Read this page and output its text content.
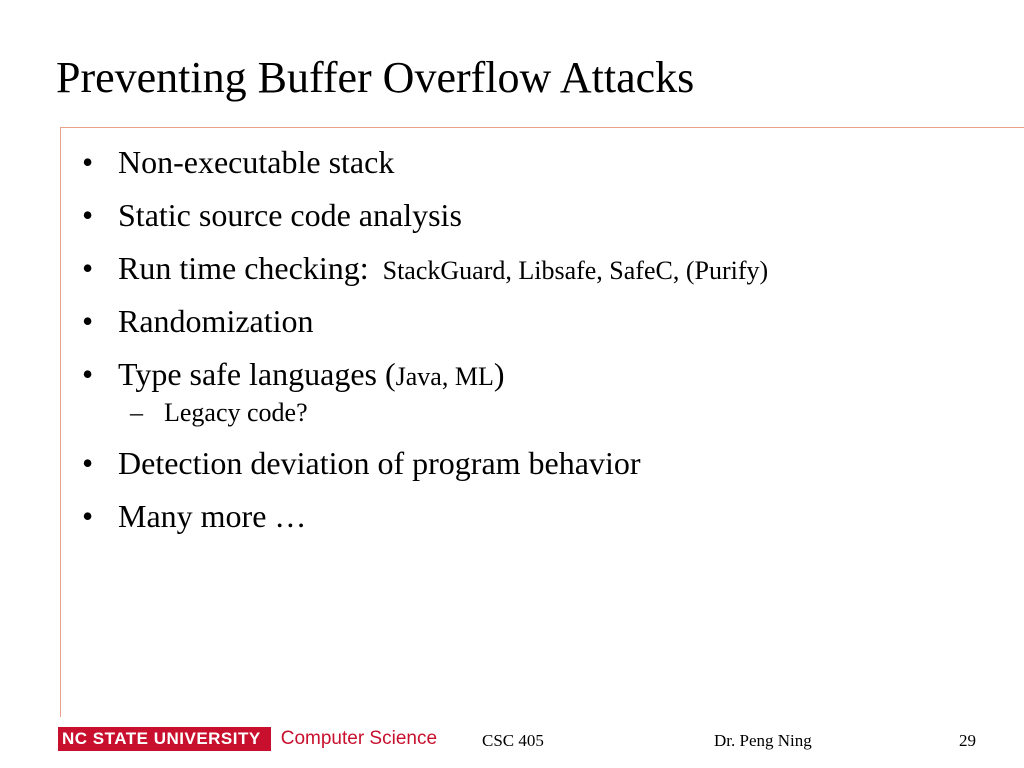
Preventing Buffer Overflow Attacks
• Non-executable stack
• Static source code analysis
• Run time checking: StackGuard, Libsafe, SafeC, (Purify)
• Randomization
• Type safe languages ( Java, ML )
– Legacy code?
• Detection deviation of program behavior
• Many more …
NC STATE UNIVERSITY	Computer Science	CSC 405	Dr. Peng Ning	29
